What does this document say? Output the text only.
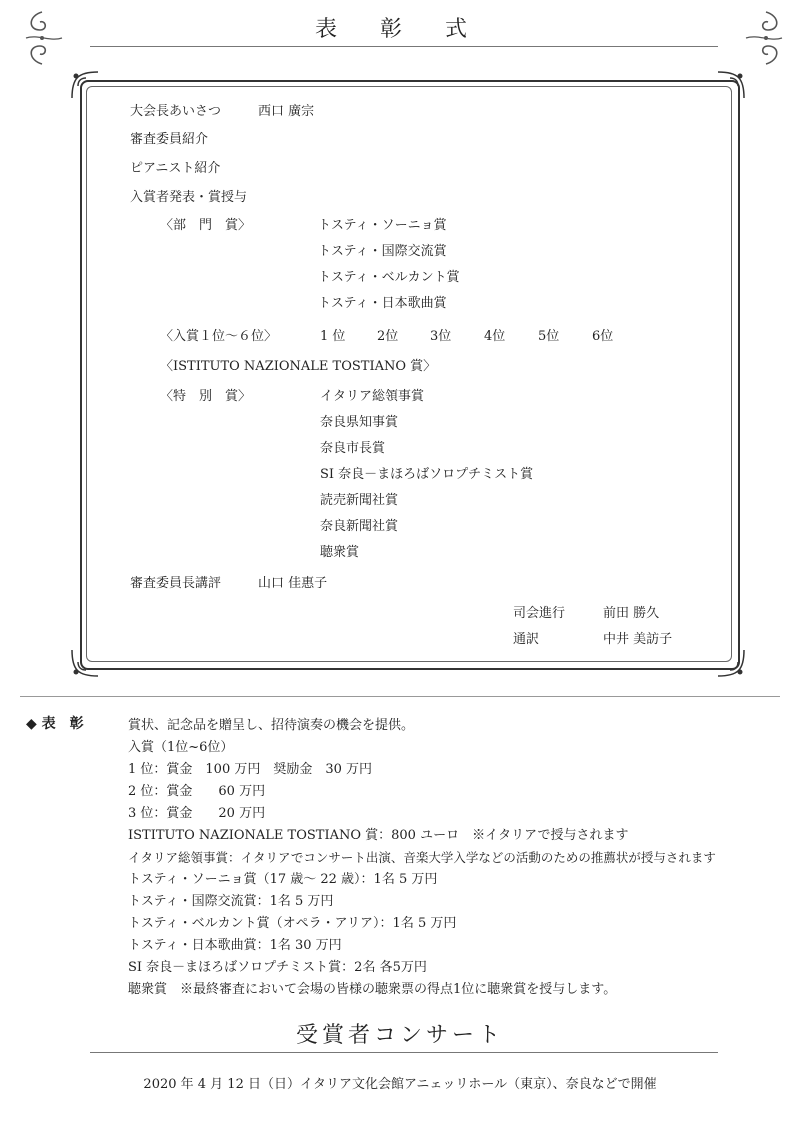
表 彰 式
大会長あいさつ	西口 廣宗
審査委員紹介
ピアニスト紹介
入賞者発表・賞授与
〈部　門　賞〉	トスティ・ソーニョ賞
トスティ・国際交流賞
トスティ・ベルカント賞
トスティ・日本歌曲賞
〈入賞１位～６位〉	1 位 2位 3位	4位	5位	6位
〈ISTITUTO NAZIONALE TOSTIANO 賞〉
〈特　別　賞〉	イタリア総領事賞
奈良県知事賞
奈良市長賞
SI 奈良－まほろばソロプチミスト賞
読売新聞社賞
奈良新聞社賞
聴衆賞
審査委員長講評	山口 佳惠子
司会進行	前田 勝久
通訳	中井 美訪子
◆ 表　彰	賞状、記念品を贈呈し、招待演奏の機会を提供。
入賞（1位~6位）
1 位：賞金　100 万円　奨励金　30 万円
2 位：賞金　　60 万円
3 位：賞金　　20 万円
ISTITUTO NAZIONALE TOSTIANO 賞：800 ユーロ　※イタリアで授与されます
イタリア総領事賞：イタリアでコンサート出演、音楽大学入学などの活動のための推薦状が授与されます
トスティ・ソーニョ賞（17 歳～ 22 歳）：1名 5 万円
トスティ・国際交流賞：1名 5 万円
トスティ・ベルカント賞（オペラ・アリア）：1名 5 万円
トスティ・日本歌曲賞：1名 30 万円
SI 奈良－まほろばソロプチミスト賞：2名 各5万円
聴衆賞　※最終審査において会場の皆様の聴衆票の得点1位に聴衆賞を授与します。
受賞者コンサート
2020 年 4 月 12 日（日）イタリア文化会館アニェッリホール（東京）、奈良などで開催
